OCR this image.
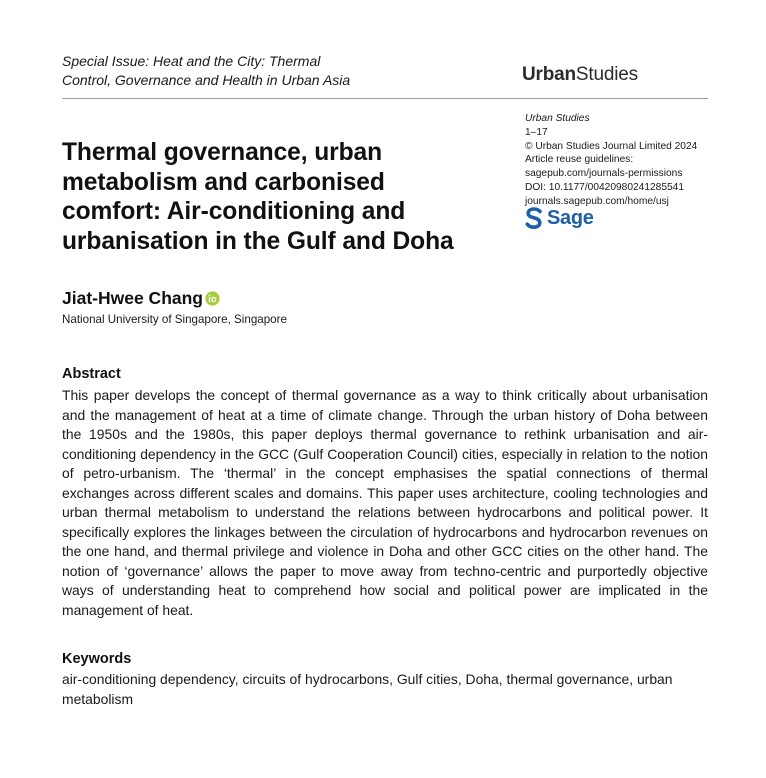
Special Issue: Heat and the City: Thermal
Control, Governance and Health in Urban Asia	UrbanStudies
Urban Studies
1–17
© Urban Studies Journal Limited 2024
Article reuse guidelines:
sagepub.com/journals-permissions
DOI: 10.1177/00420980241285541
journals.sagepub.com/home/usj
Sage
Thermal governance, urban
metabolism and carbonised
comfort: Air-conditioning and
urbanisation in the Gulf and Doha
Jiat-Hwee Chang
National University of Singapore, Singapore
Abstract
This paper develops the concept of thermal governance as a way to think critically about urbanisation and the management of heat at a time of climate change. Through the urban history of Doha between the 1950s and the 1980s, this paper deploys thermal governance to rethink urbanisation and air-conditioning dependency in the GCC (Gulf Cooperation Council) cities, especially in relation to the notion of petro-urbanism. The ‘thermal’ in the concept emphasises the spatial connections of thermal exchanges across different scales and domains. This paper uses architecture, cooling technologies and urban thermal metabolism to understand the relations between hydrocarbons and political power. It specifically explores the linkages between the circulation of hydrocarbons and hydrocarbon revenues on the one hand, and thermal privilege and violence in Doha and other GCC cities on the other hand. The notion of ‘governance’ allows the paper to move away from techno-centric and purportedly objective ways of understanding heat to comprehend how social and political power are implicated in the management of heat.
Keywords
air-conditioning dependency, circuits of hydrocarbons, Gulf cities, Doha, thermal governance, urban metabolism
